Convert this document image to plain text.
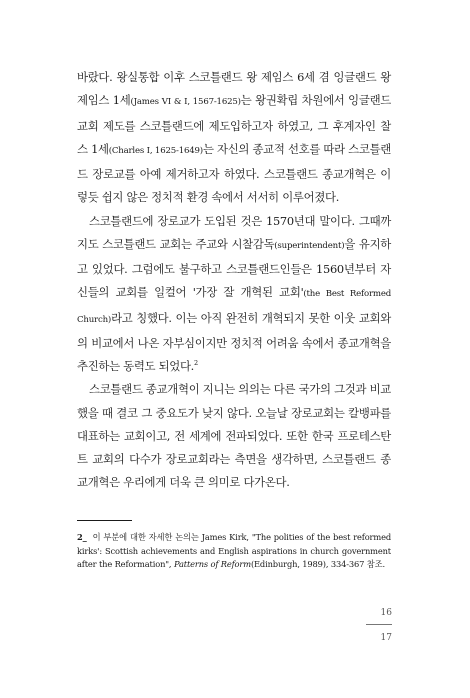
바랐다. 왕실통합 이후 스코틀랜드 왕 제임스 6세 겸 잉글랜드 왕 제임스 1세(James VI & I, 1567-1625)는 왕권확립 차원에서 잉글랜드 교회 제도를 스코틀랜드에 제도입하고자 하였고, 그 후계자인 찰스 1세(Charles I, 1625-1649)는 자신의 종교적 선호를 따라 스코틀랜드 장로교를 아예 제거하고자 하였다. 스코틀랜드 종교개혁은 이렇듯 쉽지 않은 정치적 환경 속에서 서서히 이루어졌다.

스코틀랜드에 장로교가 도입된 것은 1570년대 말이다. 그때까지도 스코틀랜드 교회는 주교와 시찰감독(superintendent)을 유지하고 있었다. 그럼에도 불구하고 스코틀랜드인들은 1560년부터 자신들의 교회를 일컬어 '가장 잘 개혁된 교회'(the Best Reformed Church)라고 칭했다. 이는 아직 완전히 개혁되지 못한 이웃 교회와의 비교에서 나온 자부심이지만 정치적 어려움 속에서 종교개혁을 추진하는 동력도 되었다.$^2$

스코틀랜드 종교개혁이 지니는 의의는 다른 국가의 그것과 비교했을 때 결코 그 중요도가 낮지 않다. 오늘날 장로교회는 칼뱅파를 대표하는 교회이고, 전 세계에 전파되었다. 또한 한국 프로테스탄트 교회의 다수가 장로교회라는 측면을 생각하면, 스코틀랜드 종교개혁은 우리에게 더욱 큰 의미로 다가온다.

2_ 이 부분에 대한 자세한 논의는 James Kirk, "The polities of the best reformed kirks': Scottish achievements and English aspirations in church government after the Reformation", Patterns of Reform(Edinburgh, 1989), 334-367 참조.
16
17
